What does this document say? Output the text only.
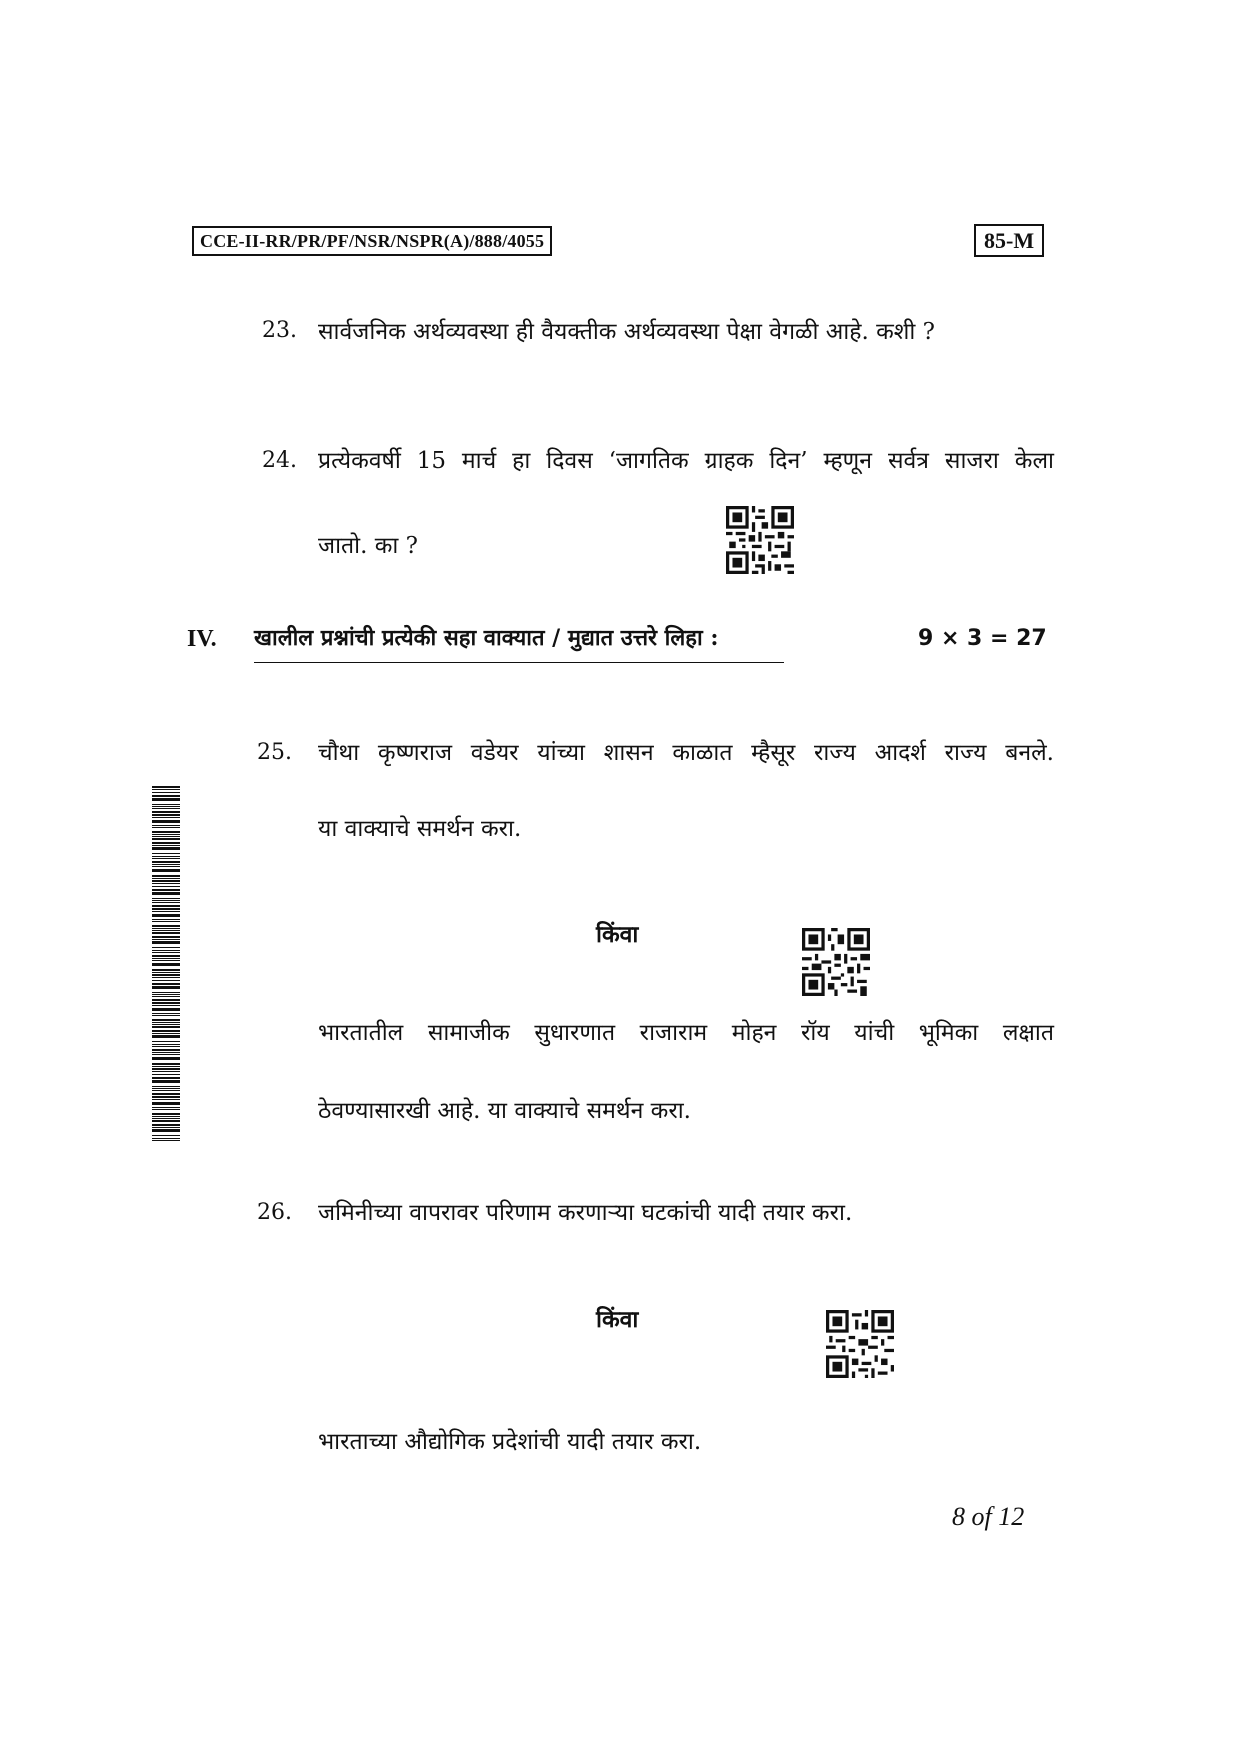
CCE-II-RR/PR/PF/NSR/NSPR(A)/888/4055	85-M
23. सार्वजनिक अर्थव्यवस्था ही वैयक्तीक अर्थव्यवस्था पेक्षा वेगळी आहे. कशी ?
24. प्रत्येकवर्षी 15 मार्च हा दिवस ‘जागतिक ग्राहक दिन’ म्हणून सर्वत्र साजरा केला
जातो. का ?
IV. खालील प्रश्नांची प्रत्येकी सहा वाक्यात / मुद्यात उत्तरे लिहा :	9 × 3 = 27
25. चौथा कृष्णराज वडेयर यांच्या शासन काळात म्हैसूर राज्य आदर्श राज्य बनले.
या वाक्याचे समर्थन करा.
किंवा
भारतातील सामाजीक सुधारणात राजाराम मोहन रॉय यांची भूमिका लक्षात
ठेवण्यासारखी आहे. या वाक्याचे समर्थन करा.
26. जमिनीच्या वापरावर परिणाम करणाऱ्या घटकांची यादी तयार करा.
किंवा
भारताच्या औद्योगिक प्रदेशांची यादी तयार करा.
8 of 12
